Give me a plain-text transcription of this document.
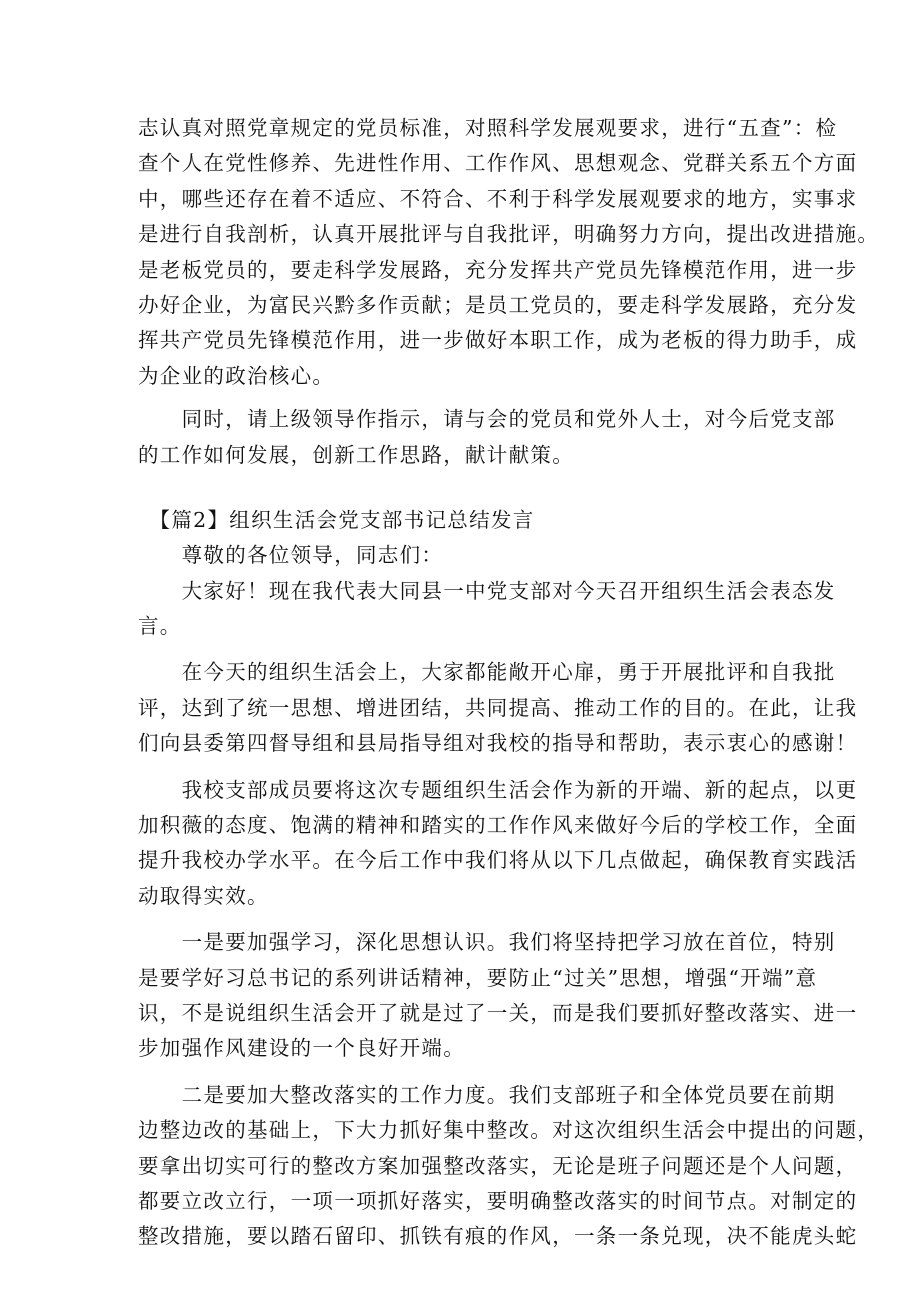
志认真对照党章规定的党员标准，对照科学发展观要求，进行“五查”：检

查个人在党性修养、先进性作用、工作作风、思想观念、党群关系五个方面

中，哪些还存在着不适应、不符合、不利于科学发展观要求的地方，实事求

是进行自我剖析，认真开展批评与自我批评，明确努力方向，提出改进措施。

是老板党员的，要走科学发展路，充分发挥共产党员先锋模范作用，进一步

办好企业，为富民兴黔多作贡献；是员工党员的，要走科学发展路，充分发

挥共产党员先锋模范作用，进一步做好本职工作，成为老板的得力助手，成

为企业的政治核心。

　　同时，请上级领导作指示，请与会的党员和党外人士，对今后党支部

的工作如何发展，创新工作思路，献计献策。

　【篇2】组织生活会党支部书记总结发言

　　尊敬的各位领导，同志们：

　　大家好！现在我代表大同县一中党支部对今天召开组织生活会表态发

言。

　　在今天的组织生活会上，大家都能敞开心扉，勇于开展批评和自我批

评，达到了统一思想、增进团结，共同提高、推动工作的目的。在此，让我

们向县委第四督导组和县局指导组对我校的指导和帮助，表示衷心的感谢！

　　我校支部成员要将这次专题组织生活会作为新的开端、新的起点，以更

加积薇的态度、饱满的精神和踏实的工作作风来做好今后的学校工作，全面

提升我校办学水平。在今后工作中我们将从以下几点做起，确保教育实践活

动取得实效。

　　一是要加强学习，深化思想认识。我们将坚持把学习放在首位，特别

是要学好习总书记的系列讲话精神，要防止“过关”思想，增强“开端”意

识，不是说组织生活会开了就是过了一关，而是我们要抓好整改落实、进一

步加强作风建设的一个良好开端。

　　二是要加大整改落实的工作力度。我们支部班子和全体党员要在前期

边整边改的基础上，下大力抓好集中整改。对这次组织生活会中提出的问题，

要拿出切实可行的整改方案加强整改落实，无论是班子问题还是个人问题，

都要立改立行，一项一项抓好落实，要明确整改落实的时间节点。对制定的

整改措施，要以踏石留印、抓铁有痕的作风，一条一条兑现，决不能虎头蛇
